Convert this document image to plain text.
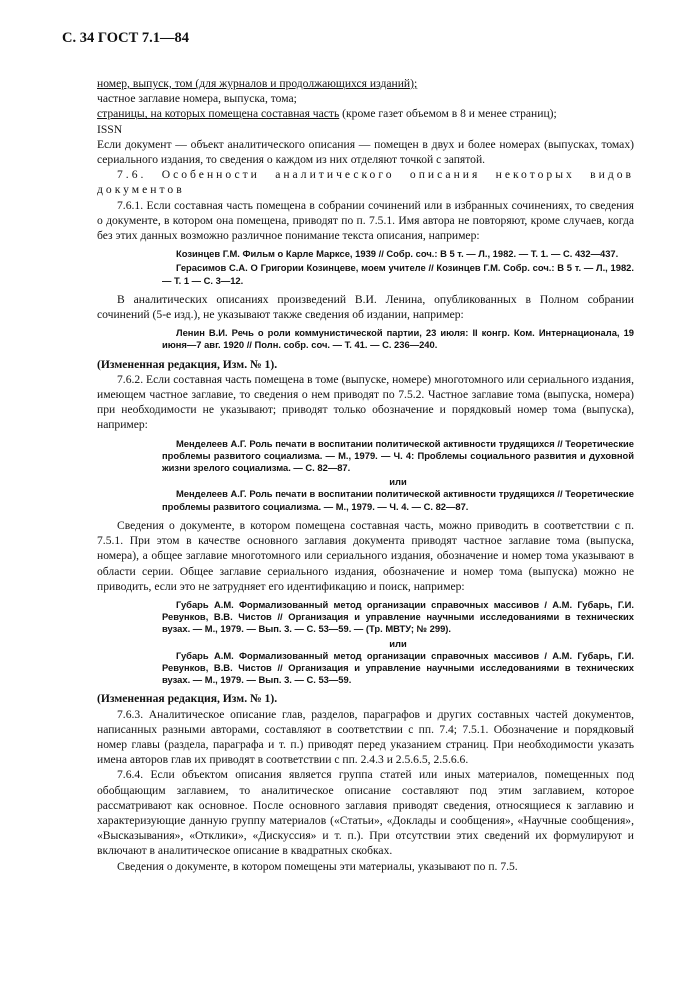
С. 34 ГОСТ 7.1—84
номер, выпуск, том (для журналов и продолжающихся изданий);
частное заглавие номера, выпуска, тома;
страницы, на которых помещена составная часть (кроме газет объемом в 8 и менее страниц);
ISSN

Если документ — объект аналитического описания — помещен в двух и более номерах (выпусках, томах) сериального издания, то сведения о каждом из них отделяют точкой с запятой.

7.6. Особенности аналитического описания некоторых видов документов

7.6.1. Если составная часть помещена в собрании сочинений или в избранных сочинениях, то сведения о документе, в котором она помещена, приводят по п. 7.5.1. Имя автора не повторяют, кроме случаев, когда без этих данных возможно различное понимание текста описания, например:

Козинцев Г.М. Фильм о Карле Марксе, 1939 // Собр. соч.: В 5 т. — Л., 1982. — Т. 1. — С. 432—437.

Герасимов С.А. О Григории Козинцеве, моем учителе // Козинцев Г.М. Собр. соч.: В 5 т. — Л., 1982. — Т. 1 — С. 3—12.

В аналитических описаниях произведений В.И. Ленина, опубликованных в Полном собрании сочинений (5-е изд.), не указывают также сведения об издании, например:

Ленин В.И. Речь о роли коммунистической партии, 23 июля: II конгр. Ком. Интернационала, 19 июня—7 авг. 1920 // Полн. собр. соч. — Т. 41. — С. 236—240.

(Измененная редакция, Изм. № 1).

7.6.2. Если составная часть помещена в томе (выпуске, номере) многотомного или сериального издания, имеющем частное заглавие, то сведения о нем приводят по 7.5.2. Частное заглавие тома (выпуска, номера) при необходимости не указывают; приводят только обозначение и порядковый номер тома (выпуска), например:

Менделеев А.Г. Роль печати в воспитании политической активности трудящихся // Теоретические проблемы развитого социализма. — М., 1979. — Ч. 4: Проблемы социального развития и духовной жизни зрелого социализма. — С. 82—87.

или

Менделеев А.Г. Роль печати в воспитании политической активности трудящихся // Теоретические проблемы развитого социализма. — М., 1979. — Ч. 4. — С. 82—87.

Сведения о документе, в котором помещена составная часть, можно приводить в соответствии с п. 7.5.1. При этом в качестве основного заглавия документа приводят частное заглавие тома (выпуска, номера), а общее заглавие многотомного или сериального издания, обозначение и номер тома указывают в области серии. Общее заглавие сериального издания, обозначение и номер тома (выпуска) можно не приводить, если это не затрудняет его идентификацию и поиск, например:

Губарь А.М. Формализованный метод организации справочных массивов / А.М. Губарь, Г.И. Ревунков, В.В. Чистов // Организация и управление научными исследованиями в технических вузах. — М., 1979. — Вып. 3. — С. 53—59. — (Тр. МВТУ; № 299).

или

Губарь А.М. Формализованный метод организации справочных массивов / А.М. Губарь, Г.И. Ревунков, В.В. Чистов // Организация и управление научными исследованиями в технических вузах. — М., 1979. — Вып. 3. — С. 53—59.

(Измененная редакция, Изм. № 1).

7.6.3. Аналитическое описание глав, разделов, параграфов и других составных частей документов, написанных разными авторами, составляют в соответствии с пп. 7.4; 7.5.1. Обозначение и порядковый номер главы (раздела, параграфа и т. п.) приводят перед указанием страниц. При необходимости указать имена авторов глав их приводят в соответствии с пп. 2.4.3 и 2.5.6.5, 2.5.6.6.

7.6.4. Если объектом описания является группа статей или иных материалов, помещенных под обобщающим заглавием, то аналитическое описание составляют под этим заглавием, которое рассматривают как основное. После основного заглавия приводят сведения, относящиеся к заглавию и характеризующие данную группу материалов («Статьи», «Доклады и сообщения», «Научные сообщения», «Высказывания», «Отклики», «Дискуссия» и т. п.). При отсутствии этих сведений их формулируют и включают в аналитическое описание в квадратных скобках.

Сведения о документе, в котором помещены эти материалы, указывают по п. 7.5.
